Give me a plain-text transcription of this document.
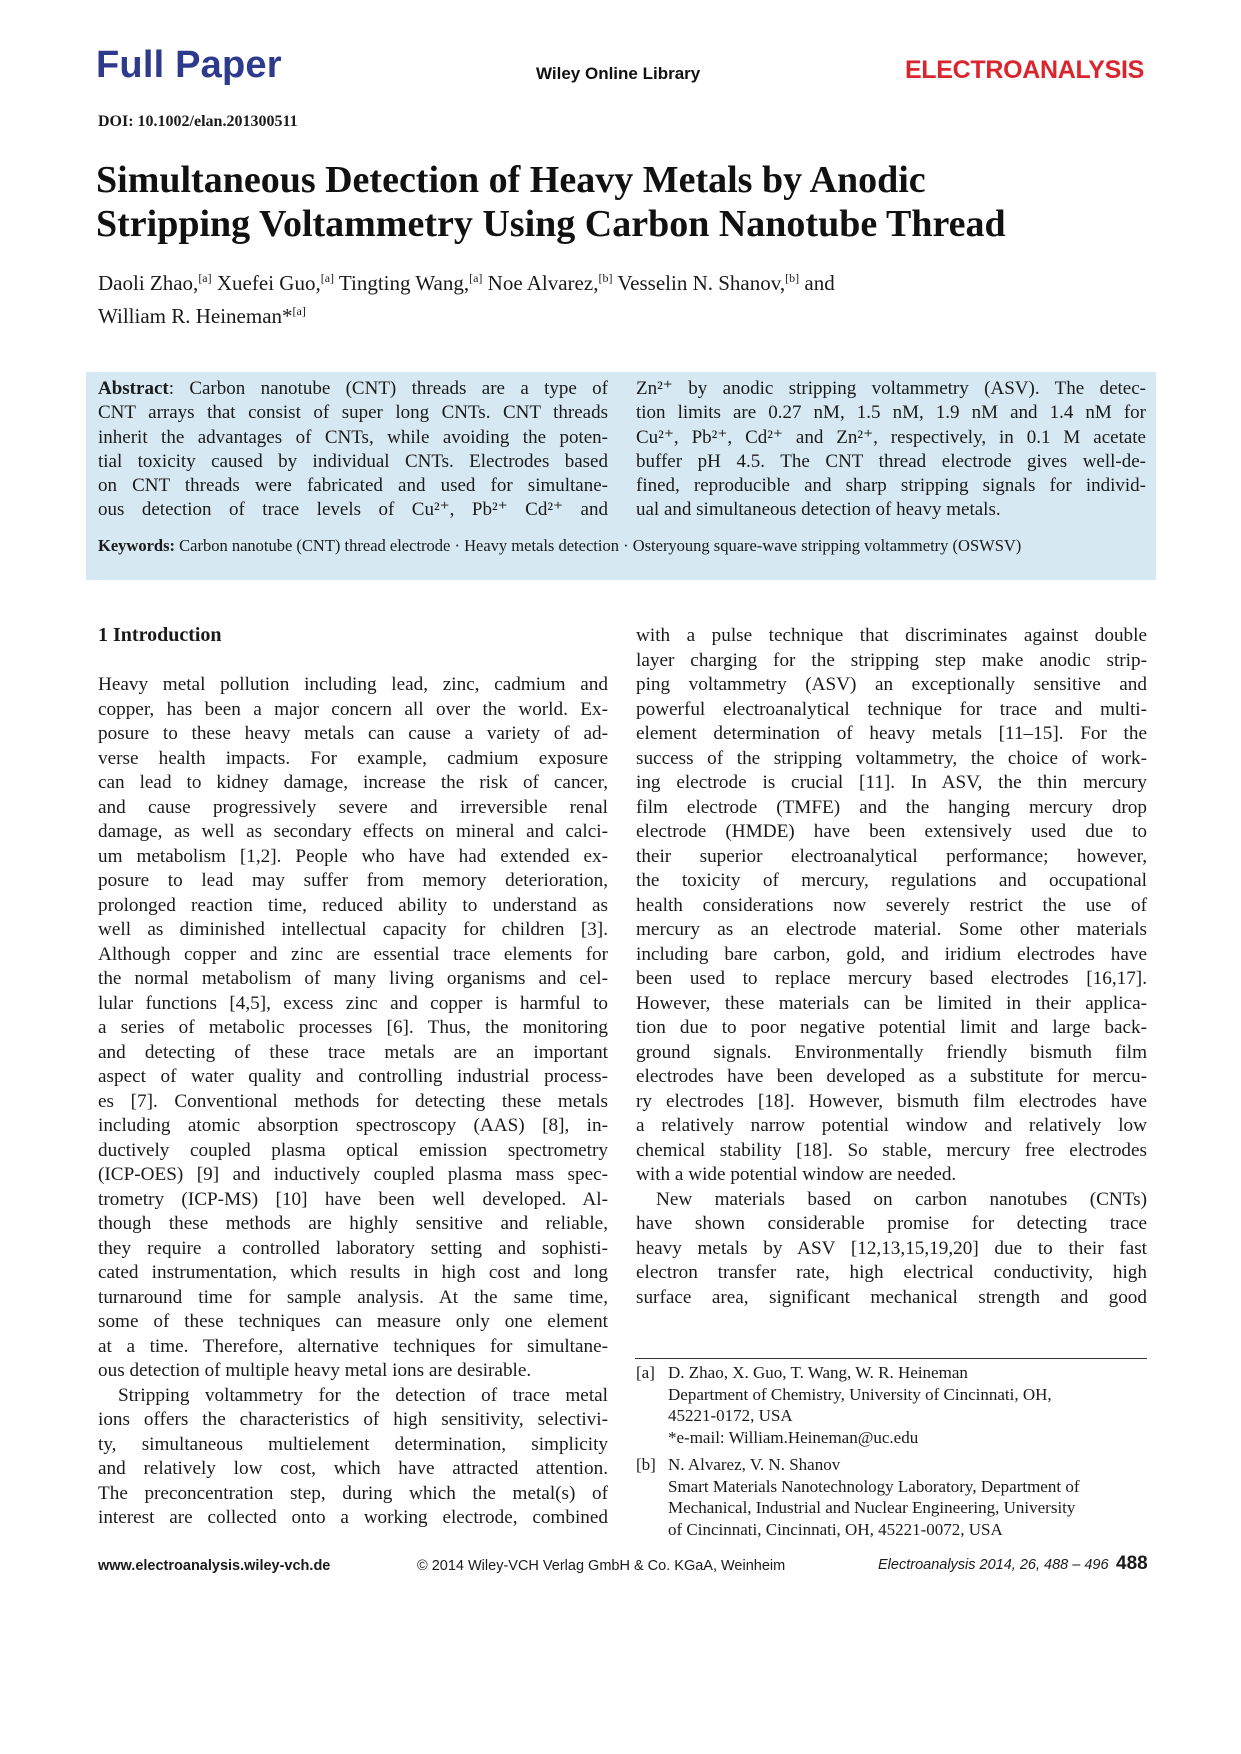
Full Paper	Wiley Online Library	ELECTROANALYSIS
DOI: 10.1002/elan.201300511
Simultaneous Detection of Heavy Metals by Anodic
Stripping Voltammetry Using Carbon Nanotube Thread
Daoli Zhao,[a] Xuefei Guo,[a] Tingting Wang,[a] Noe Alvarez,[b] Vesselin N. Shanov,[b] and
William R. Heineman*[a]
Abstract: Carbon nanotube (CNT) threads are a type of
CNT arrays that consist of super long CNTs. CNT threads
inherit the advantages of CNTs, while avoiding the poten-
tial toxicity caused by individual CNTs. Electrodes based
on CNT threads were fabricated and used for simultane-
ous detection of trace levels of Cu²⁺, Pb²⁺ Cd²⁺ and
Zn²⁺ by anodic stripping voltammetry (ASV). The detec-
tion limits are 0.27 nM, 1.5 nM, 1.9 nM and 1.4 nM for
Cu²⁺, Pb²⁺, Cd²⁺ and Zn²⁺, respectively, in 0.1 M acetate
buffer pH 4.5. The CNT thread electrode gives well-de-
fined, reproducible and sharp stripping signals for individ-
ual and simultaneous detection of heavy metals.
Keywords: Carbon nanotube (CNT) thread electrode · Heavy metals detection · Osteryoung square-wave stripping voltammetry (OSWSV)
1 Introduction
Heavy metal pollution including lead, zinc, cadmium and
copper, has been a major concern all over the world. Ex-
posure to these heavy metals can cause a variety of ad-
verse health impacts. For example, cadmium exposure
can lead to kidney damage, increase the risk of cancer,
and cause progressively severe and irreversible renal
damage, as well as secondary effects on mineral and calci-
um metabolism [1,2]. People who have had extended ex-
posure to lead may suffer from memory deterioration,
prolonged reaction time, reduced ability to understand as
well as diminished intellectual capacity for children [3].
Although copper and zinc are essential trace elements for
the normal metabolism of many living organisms and cel-
lular functions [4,5], excess zinc and copper is harmful to
a series of metabolic processes [6]. Thus, the monitoring
and detecting of these trace metals are an important
aspect of water quality and controlling industrial process-
es [7]. Conventional methods for detecting these metals
including atomic absorption spectroscopy (AAS) [8], in-
ductively coupled plasma optical emission spectrometry
(ICP-OES) [9] and inductively coupled plasma mass spec-
trometry (ICP-MS) [10] have been well developed. Al-
though these methods are highly sensitive and reliable,
they require a controlled laboratory setting and sophisti-
cated instrumentation, which results in high cost and long
turnaround time for sample analysis. At the same time,
some of these techniques can measure only one element
at a time. Therefore, alternative techniques for simultane-
ous detection of multiple heavy metal ions are desirable.
Stripping voltammetry for the detection of trace metal
ions offers the characteristics of high sensitivity, selectivi-
ty, simultaneous multielement determination, simplicity
and relatively low cost, which have attracted attention.
The preconcentration step, during which the metal(s) of
interest are collected onto a working electrode, combined
with a pulse technique that discriminates against double
layer charging for the stripping step make anodic strip-
ping voltammetry (ASV) an exceptionally sensitive and
powerful electroanalytical technique for trace and multi-
element determination of heavy metals [11–15]. For the
success of the stripping voltammetry, the choice of work-
ing electrode is crucial [11]. In ASV, the thin mercury
film electrode (TMFE) and the hanging mercury drop
electrode (HMDE) have been extensively used due to
their superior electroanalytical performance; however,
the toxicity of mercury, regulations and occupational
health considerations now severely restrict the use of
mercury as an electrode material. Some other materials
including bare carbon, gold, and iridium electrodes have
been used to replace mercury based electrodes [16,17].
However, these materials can be limited in their applica-
tion due to poor negative potential limit and large back-
ground signals. Environmentally friendly bismuth film
electrodes have been developed as a substitute for mercu-
ry electrodes [18]. However, bismuth film electrodes have
a relatively narrow potential window and relatively low
chemical stability [18]. So stable, mercury free electrodes
with a wide potential window are needed.
New materials based on carbon nanotubes (CNTs)
have shown considerable promise for detecting trace
heavy metals by ASV [12,13,15,19,20] due to their fast
electron transfer rate, high electrical conductivity, high
surface area, significant mechanical strength and good
[a] D. Zhao, X. Guo, T. Wang, W. R. Heineman
Department of Chemistry, University of Cincinnati, OH,
45221-0172, USA
*e-mail: William.Heineman@uc.edu
[b] N. Alvarez, V. N. Shanov
Smart Materials Nanotechnology Laboratory, Department of
Mechanical, Industrial and Nuclear Engineering, University
of Cincinnati, Cincinnati, OH, 45221-0072, USA
www.electroanalysis.wiley-vch.de	© 2014 Wiley-VCH Verlag GmbH & Co. KGaA, Weinheim	Electroanalysis 2014, 26, 488 – 496 488
